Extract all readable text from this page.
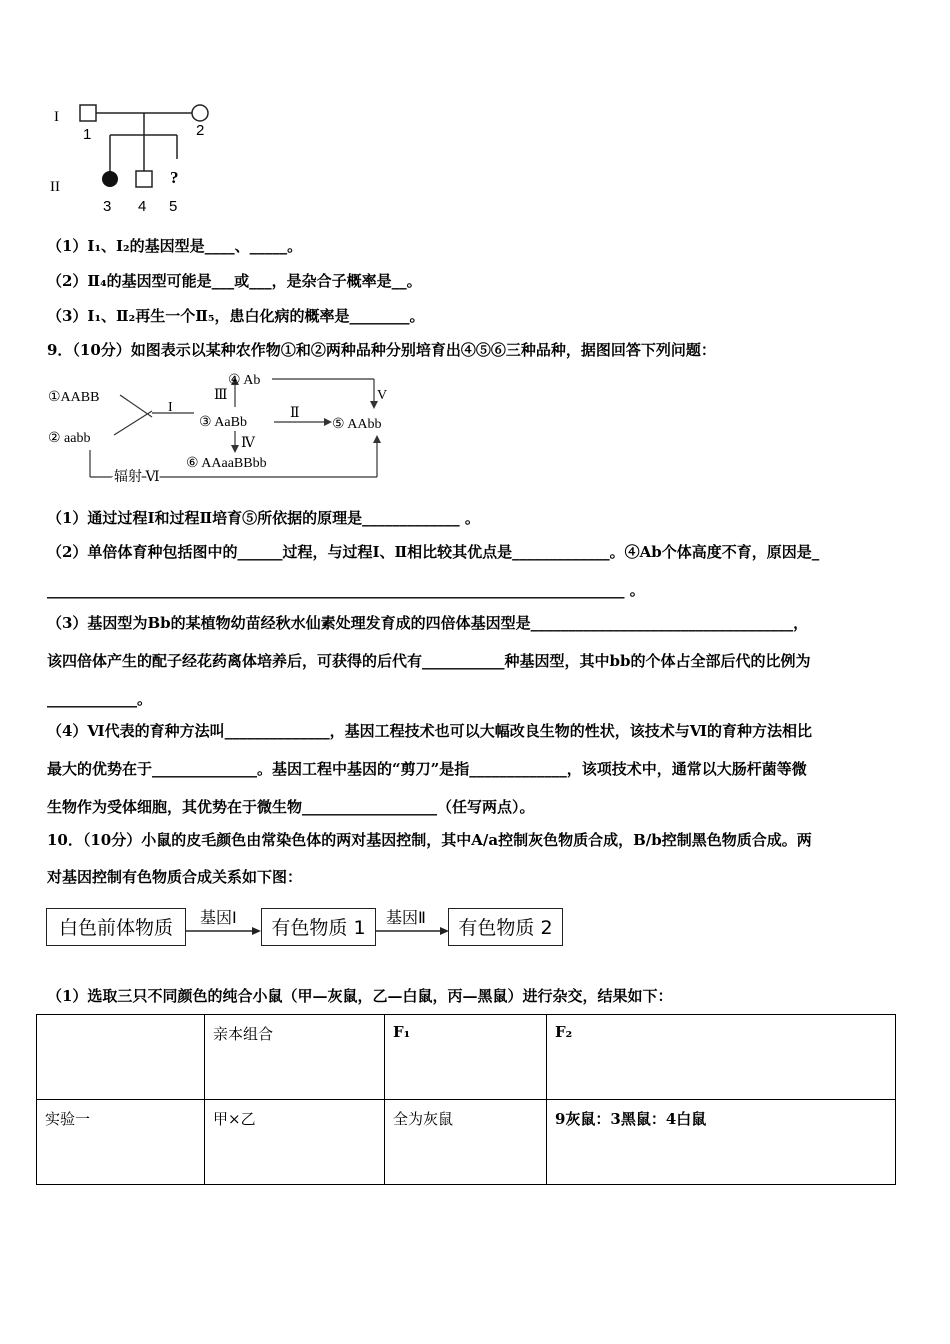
I
1	2
II	?
3 4 5
（1）Ⅰ₁、Ⅰ₂的基因型是____、_____。
（2）Ⅱ₄的基因型可能是___或___，是杂合子概率是__。
（3）Ⅰ₁、Ⅱ₂再生一个Ⅱ₅，患白化病的概率是________。
9．（10分）如图表示以某种农作物①和②两种品种分别培育出④⑤⑥三种品种，据图回答下列问题：
①AABB
② aabb
③ AaBb
④ Ab
⑤ AAbb
⑥ AAaaBBbb
I	Ⅱ
Ⅲ
Ⅳ
V
辐射 Ⅵ
（1）通过过程Ⅰ和过程Ⅱ培育⑤所依据的原理是_____________ 。
（2）单倍体育种包括图中的______过程，与过程Ⅰ、Ⅱ相比较其优点是_____________。④Ab个体高度不育，原因是_
_____________________________________________________________________________ 。
（3）基因型为Bb的某植物幼苗经秋水仙素处理发育成的四倍体基因型是___________________________________，
该四倍体产生的配子经花药离体培养后，可获得的后代有___________种基因型，其中bb的个体占全部后代的比例为
____________。
（4）Ⅵ代表的育种方法叫______________，基因工程技术也可以大幅改良生物的性状，该技术与Ⅵ的育种方法相比
最大的优势在于______________。基因工程中基因的“剪刀”是指_____________，该项技术中，通常以大肠杆菌等微
生物作为受体细胞，其优势在于微生物__________________（任写两点）。
10．（10分）小鼠的皮毛颜色由常染色体的两对基因控制，其中A/a控制灰色物质合成，B/b控制黑色物质合成。两
对基因控制有色物质合成关系如下图：
白色前体物质	基因Ⅰ	有色物质 1	基因Ⅱ	有色物质 2
（1）选取三只不同颜色的纯合小鼠（甲—灰鼠，乙—白鼠，丙—黑鼠）进行杂交，结果如下：
	亲本组合	F₁	F₂
实验一	甲×乙	全为灰鼠	9灰鼠：3黑鼠：4白鼠
